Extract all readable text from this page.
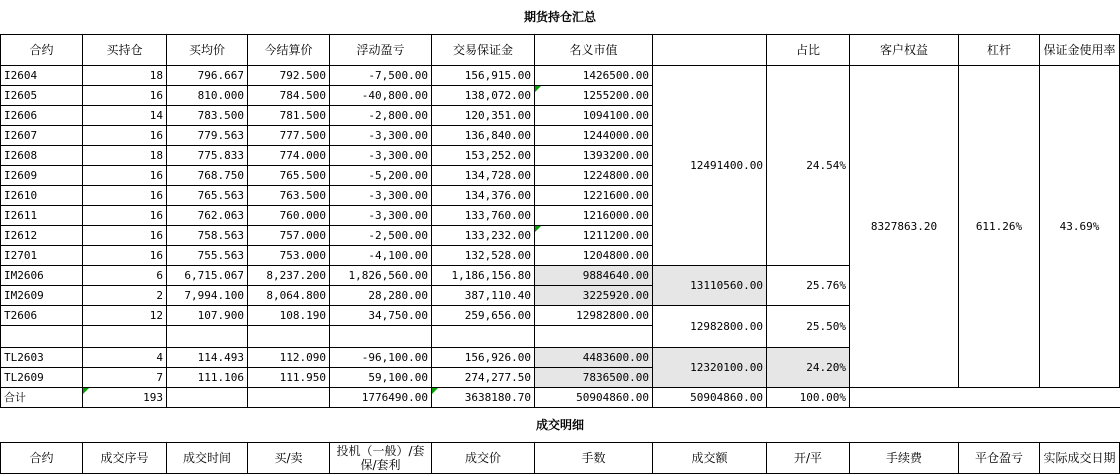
期货持仓汇总											
合约	买持仓	买均价	今结算价	浮动盈亏	交易保证金	名义市值		占比	客户权益	杠杆	保证金使用率
I2604	18	796.667	792.500	-7,500.00	156,915.00	1426500.00	12491400.00	24.54%	8327863.20	611.26%	43.69%
I2605	16	810.000	784.500	-40,800.00	138,072.00	1255200.00					
I2606	14	783.500	781.500	-2,800.00	120,351.00	1094100.00					
I2607	16	779.563	777.500	-3,300.00	136,840.00	1244000.00					
I2608	18	775.833	774.000	-3,300.00	153,252.00	1393200.00					
I2609	16	768.750	765.500	-5,200.00	134,728.00	1224800.00					
I2610	16	765.563	763.500	-3,300.00	134,376.00	1221600.00					
I2611	16	762.063	760.000	-3,300.00	133,760.00	1216000.00					
I2612	16	758.563	757.000	-2,500.00	133,232.00	1211200.00					
I2701	16	755.563	753.000	-4,100.00	132,528.00	1204800.00					
IM2606	6	6,715.067	8,237.200	1,826,560.00	1,186,156.80	9884640.00	13110560.00	25.76%			
IM2609	2	7,994.100	8,064.800	28,280.00	387,110.40	3225920.00					
T2606	12	107.900	108.190	34,750.00	259,656.00	12982800.00	12982800.00	25.50%			

TL2603	4	114.493	112.090	-96,100.00	156,926.00	4483600.00	12320100.00	24.20%			
TL2609	7	111.106	111.950	59,100.00	274,277.50	7836500.00					
合计	193			1776490.00	3638180.70	50904860.00	50904860.00	100.00%			
成交明细											
合约	成交序号	成交时间	买/卖	投机（一般）/套保/套利	成交价	手数	成交额	开/平	手续费	平仓盈亏	实际成交日期
